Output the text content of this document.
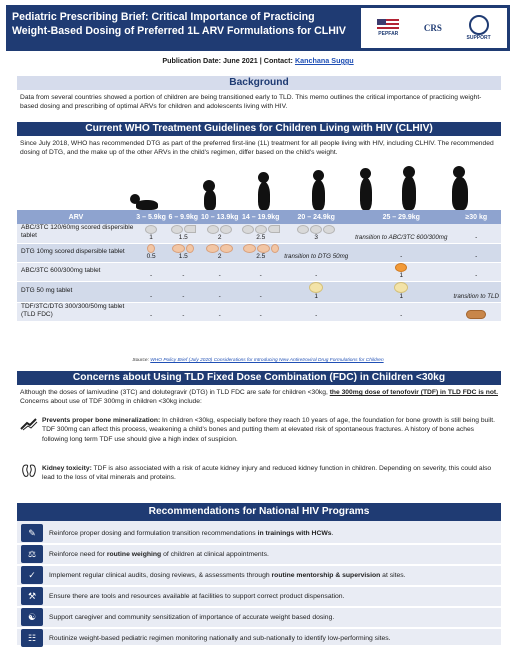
Pediatric Prescribing Brief: Critical Importance of Practicing Weight-Based Dosing of Preferred 1L ARV Formulations for CLHIV	PEPFAR
CRS
SUPPORT
Publication Date: June 2021 | Contact: Kanchana Suggu
Background
Data from several countries showed a portion of children are being transitioned early to TLD. This memo outlines the critical importance of practicing weight-based dosing and prescribing of optimal ARVs for children and adolescents living with HIV.
Current WHO Treatment Guidelines for Children Living with HIV (CLHIV)
Since July 2018, WHO has recommended DTG as part of the preferred first-line (1L) treatment for all people living with HIV, including CLHIV. The recommended dosing of DTG, and the make up of the other ARVs in the child's regimen, differ based on the child's weight.
ARV	3 – 5.9kg	6 – 9.9kg	10 – 13.9kg	14 – 19.9kg	20 – 24.9kg	25 – 29.9kg	≥30 kg
ABC/3TC 120/60mg scored dispersible tablet	1	1.5	2	2.5	3	transition to ABC/3TC 600/300mg	-

DTG 10mg scored dispersible tablet	0.5	1.5	2	2.5	transition to DTG 50mg	-	-

ABC/3TC 600/300mg tablet	-	-	-	-	-	1	-

DTG 50 mg tablet	-	-	-	-	1	1	transition to TLD

TDF/3TC/DTG 300/300/50mg tablet (TLD FDC)	-	-	-	-	-	-	

Source: WHO Policy Brief (July 2020) Considerations for Introducing New Antiretroviral Drug Formulations for Children
Concerns about Using TLD Fixed Dose Combination (FDC) in Children <30kg
Although the doses of lamivudine (3TC) and dolutegravir (DTG) in TLD FDC are safe for children <30kg, the 300mg dose of tenofovir (TDF) in TLD FDC is not. Concerns about use of TDF 300mg in children <30kg include:
Prevents proper bone mineralization: In children <30kg, especially before they reach 10 years of age, the foundation for bone growth is still being built. TDF 300mg can affect this process, weakening a child's bones and putting them at elevated risk of spontaneous fractures. A history of bone aches following long term TDF use should give a high index of suspicion.
Kidney toxicity: TDF is also associated with a risk of acute kidney injury and reduced kidney function in children. Depending on severity, this could also lead to the loss of vital minerals and proteins.
Recommendations for National HIV Programs
✎	Reinforce proper dosing and formulation transition recommendations in trainings with HCWs.
⚖	Reinforce need for routine weighing of children at clinical appointments.
✓	Implement regular clinical audits, dosing reviews, & assessments through routine mentorship & supervision at sites.
⚒	Ensure there are tools and resources available at facilities to support correct product dispensation.
☯	Support caregiver and community sensitization of importance of accurate weight based dosing.
☷	Routinize weight-based pediatric regimen monitoring nationally and sub-nationally to identify low-performing sites.
